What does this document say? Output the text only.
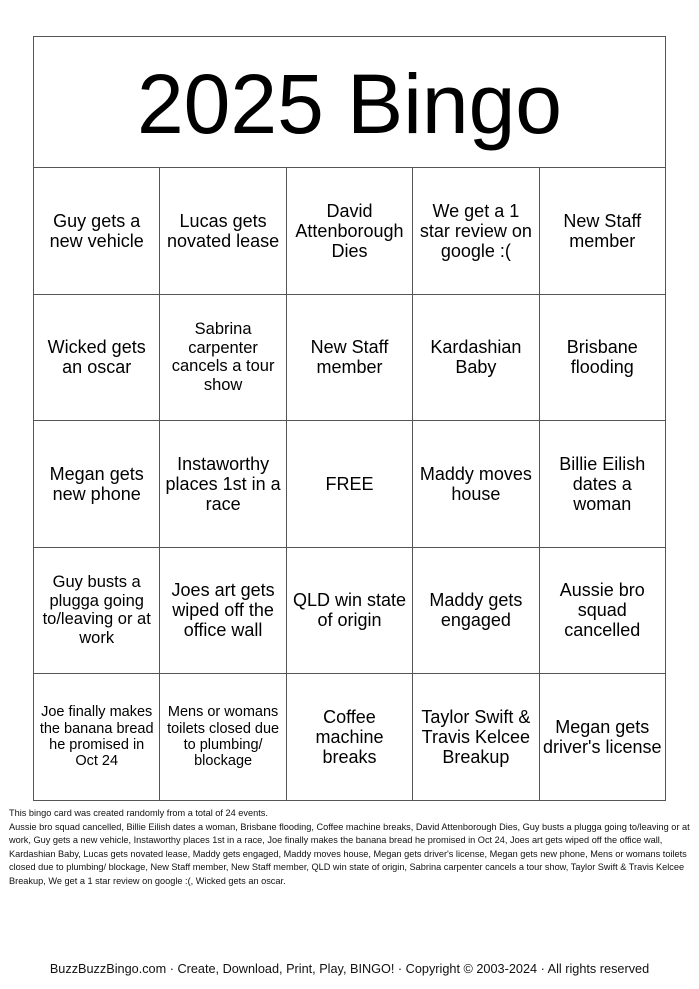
2025 Bingo				
Guy gets a new vehicle	Lucas gets novated lease	David Attenborough Dies	We get a 1 star review on google :(	New Staff member
Wicked gets an oscar	Sabrina carpenter cancels a tour show	New Staff member	Kardashian Baby	Brisbane flooding
Megan gets new phone	Instaworthy places 1st in a race	FREE	Maddy moves house	Billie Eilish dates a woman
Guy busts a plugga going to/leaving or at work	Joes art gets wiped off the office wall	QLD win state of origin	Maddy gets engaged	Aussie bro squad cancelled
Joe finally makes the banana bread he promised in Oct 24	Mens or womans toilets closed due to plumbing/ blockage	Coffee machine breaks	Taylor Swift & Travis Kelcee Breakup	Megan gets driver's license
This bingo card was created randomly from a total of 24 events.
Aussie bro squad cancelled, Billie Eilish dates a woman, Brisbane flooding, Coffee machine breaks, David Attenborough Dies, Guy busts a plugga going to/leaving or at work, Guy gets a new vehicle, Instaworthy places 1st in a race, Joe finally makes the banana bread he promised in Oct 24, Joes art gets wiped off the office wall, Kardashian Baby, Lucas gets novated lease, Maddy gets engaged, Maddy moves house, Megan gets driver's license, Megan gets new phone, Mens or womans toilets closed due to plumbing/ blockage, New Staff member, New Staff member, QLD win state of origin, Sabrina carpenter cancels a tour show, Taylor Swift & Travis Kelcee Breakup, We get a 1 star review on google :(, Wicked gets an oscar.
BuzzBuzzBingo.com · Create, Download, Print, Play, BINGO! · Copyright © 2003-2024 · All rights reserved
